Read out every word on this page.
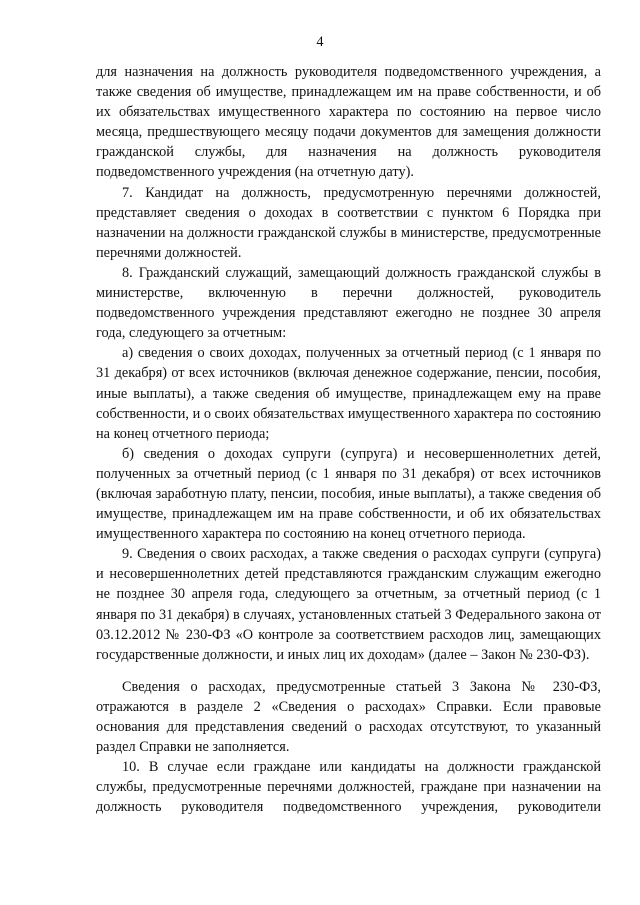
4

для назначения на должность руководителя подведомственного учреждения, а также сведения об имуществе, принадлежащем им на праве собственности, и об их обязательствах имущественного характера по состоянию на первое число месяца, предшествующего месяцу подачи документов для замещения должности гражданской службы, для назначения на должность руководителя подведомственного учреждения (на отчетную дату).

7. Кандидат на должность, предусмотренную перечнями должностей, представляет сведения о доходах в соответствии с пунктом 6 Порядка при назначении на должности гражданской службы в министерстве, предусмотренные перечнями должностей.

8. Гражданский служащий, замещающий должность гражданской службы в министерстве, включенную в перечни должностей, руководитель подведомственного учреждения представляют ежегодно не позднее 30 апреля года, следующего за отчетным:

а) сведения о своих доходах, полученных за отчетный период (с 1 января по 31 декабря) от всех источников (включая денежное содержание, пенсии, пособия, иные выплаты), а также сведения об имуществе, принадлежащем ему на праве собственности, и о своих обязательствах имущественного характера по состоянию на конец отчетного периода;

б) сведения о доходах супруги (супруга) и несовершеннолетних детей, полученных за отчетный период (с 1 января по 31 декабря) от всех источников (включая заработную плату, пенсии, пособия, иные выплаты), а также сведения об имуществе, принадлежащем им на праве собственности, и об их обязательствах имущественного характера по состоянию на конец отчетного периода.

9. Сведения о своих расходах, а также сведения о расходах супруги (супруга) и несовершеннолетних детей представляются гражданским служащим ежегодно не позднее 30 апреля года, следующего за отчетным, за отчетный период (с 1 января по 31 декабря) в случаях, установленных статьей 3 Федерального закона от 03.12.2012 № 230-ФЗ «О контроле за соответствием расходов лиц, замещающих государственные должности, и иных лиц их доходам» (далее – Закон № 230-ФЗ).

Сведения о расходах, предусмотренные статьей 3 Закона № 230-ФЗ, отражаются в разделе 2 «Сведения о расходах» Справки. Если правовые основания для представления сведений о расходах отсутствуют, то указанный раздел Справки не заполняется.

10. В случае если граждане или кандидаты на должности гражданской службы, предусмотренные перечнями должностей, граждане при назначении на должность руководителя подведомственного учреждения, руководители
